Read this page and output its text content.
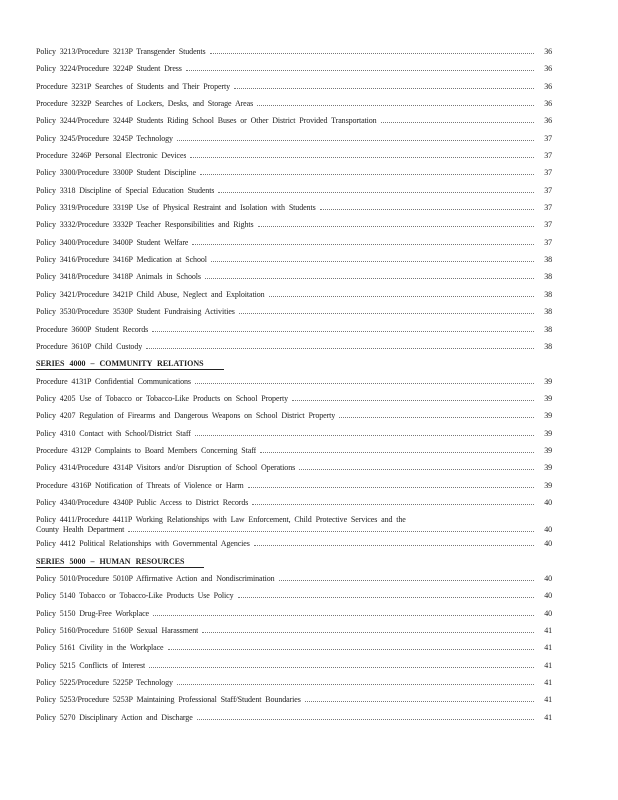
Policy 3213/Procedure 3213P Transgender Students	36
Policy 3224/Procedure 3224P Student Dress	36
Procedure 3231P Searches of Students and Their Property	36
Procedure 3232P Searches of Lockers, Desks, and Storage Areas	36
Policy 3244/Procedure 3244P Students Riding School Buses or Other District Provided Transportation	36
Policy 3245/Procedure 3245P Technology	37
Procedure 3246P Personal Electronic Devices	37
Policy 3300/Procedure 3300P Student Discipline	37
Policy 3318 Discipline of Special Education Students	37
Policy 3319/Procedure 3319P Use of Physical Restraint and Isolation with Students	37
Policy 3332/Procedure 3332P Teacher Responsibilities and Rights	37
Policy 3400/Procedure 3400P Student Welfare	37
Policy 3416/Procedure 3416P Medication at School	38
Policy 3418/Procedure 3418P Animals in Schools	38
Policy 3421/Procedure 3421P Child Abuse, Neglect and Exploitation	38
Policy 3530/Procedure 3530P Student Fundraising Activities	38
Procedure 3600P Student Records	38
Procedure 3610P Child Custody	38
SERIES 4000 – COMMUNITY RELATIONS
Procedure 4131P Confidential Communications	39
Policy 4205 Use of Tobacco or Tobacco-Like Products on School Property	39
Policy 4207 Regulation of Firearms and Dangerous Weapons on School District Property	39
Policy 4310 Contact with School/District Staff	39
Procedure 4312P Complaints to Board Members Concerning Staff	39
Policy 4314/Procedure 4314P Visitors and/or Disruption of School Operations	39
Procedure 4316P Notification of Threats of Violence or Harm	39
Policy 4340/Procedure 4340P Public Access to District Records	40
Policy 4411/Procedure 4411P Working Relationships with Law Enforcement, Child Protective Services and the
County Health Department	40
Policy 4412 Political Relationships with Governmental Agencies	40
SERIES 5000 – HUMAN RESOURCES
Policy 5010/Procedure 5010P Affirmative Action and Nondiscrimination	40
Policy 5140 Tobacco or Tobacco-Like Products Use Policy	40
Policy 5150 Drug-Free Workplace	40
Policy 5160/Procedure 5160P Sexual Harassment	41
Policy 5161 Civility in the Workplace	41
Policy 5215 Conflicts of Interest	41
Policy 5225/Procedure 5225P Technology	41
Policy 5253/Procedure 5253P Maintaining Professional Staff/Student Boundaries	41
Policy 5270 Disciplinary Action and Discharge	41
